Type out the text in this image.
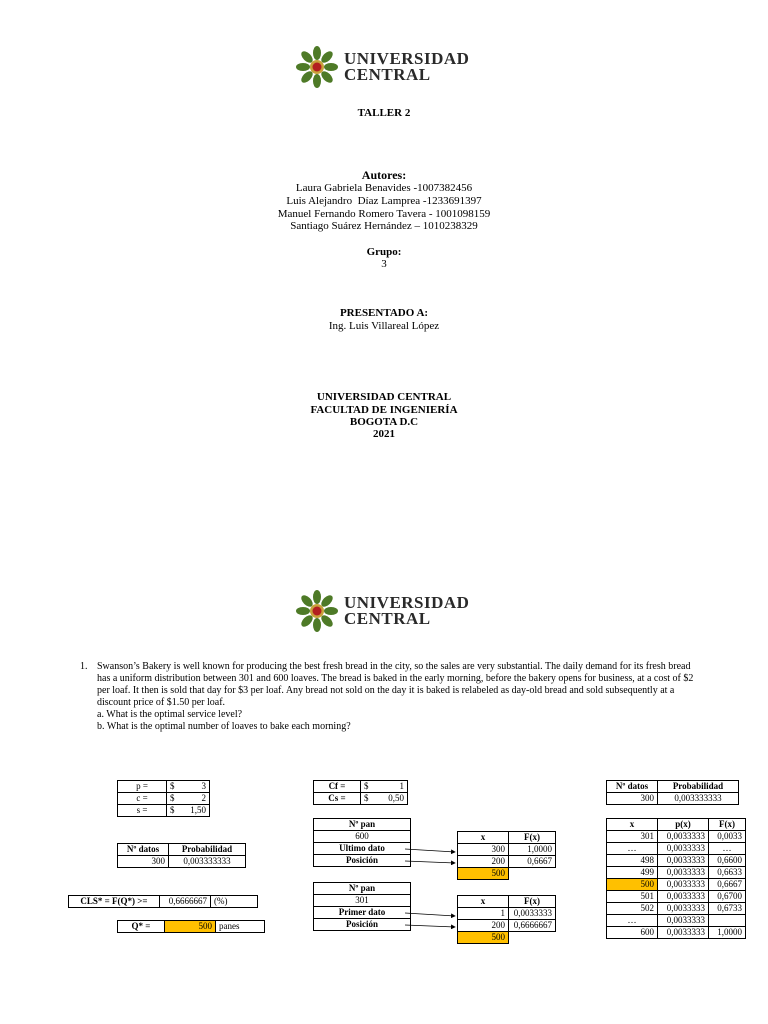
UNIVERSIDAD
CENTRAL
TALLER 2
Autores:
Laura Gabriela Benavides -1007382456
Luis Alejandro  Díaz Lamprea -1233691397
Manuel Fernando Romero Tavera - 1001098159
Santiago Suárez Hernández – 1010238329
Grupo:
3
PRESENTADO A:
Ing. Luis Villareal López
UNIVERSIDAD CENTRAL
FACULTAD DE INGENIERÍA
BOGOTA D.C
2021
UNIVERSIDAD
CENTRAL
1. Swanson’s Bakery is well known for producing the best fresh bread in the city, so the sales are very substantial. The daily demand for its fresh bread has a uniform distribution between 301 and 600 loaves. The bread is baked in the early morning, before the bakery opens for business, at a cost of $2 per loaf. It then is sold that day for $3 per loaf. Any bread not sold on the day it is baked is relabeled as day-old bread and sold subsequently at a discount price of $1.50 per loaf.
a. What is the optimal service level?
b. What is the optimal number of loaves to bake each morning?
p =	$	3
c =	$	2
s =	$	1,50
Nº datos	Probabilidad
300	0,003333333
CLS* = F(Q*) >=	0,6666667	(%)
Q* =	500	panes
Cf =	$	1
Cs =	$	0,50
Nº pan
600
Ultimo dato
Posición
x	F(x)
300	1,0000
200	0,6667
500	
Nº pan
301
Primer dato
Posición
x	F(x)
1	0,0033333
200	0,6666667
500	
Nº datos	Probabilidad
300	0,003333333
x	p(x)	F(x)
301	0,0033333	0,0033
…	0,0033333	…
498	0,0033333	0,6600
499	0,0033333	0,6633
500	0,0033333	0,6667
501	0,0033333	0,6700
502	0,0033333	0,6733
…	0,0033333	
600	0,0033333	1,0000
